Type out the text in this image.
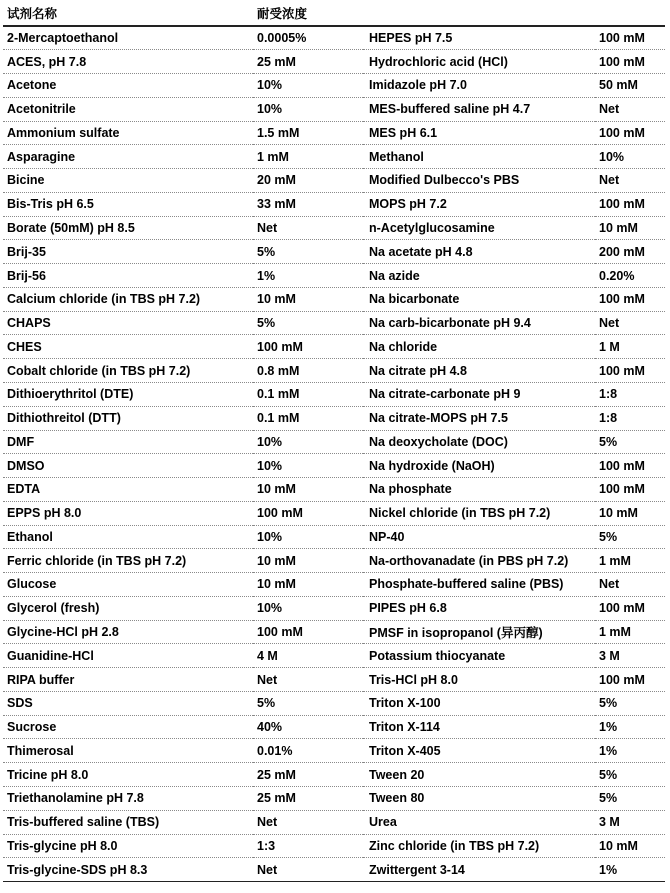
试剂名称	耐受浓度		
2-Mercaptoethanol	0.0005%	HEPES pH 7.5	100 mM
ACES, pH 7.8	25 mM	Hydrochloric acid (HCl)	100 mM
Acetone	10%	Imidazole pH 7.0	50 mM
Acetonitrile	10%	MES-buffered saline pH 4.7	Net
Ammonium sulfate	1.5 mM	MES pH 6.1	100 mM
Asparagine	1 mM	Methanol	10%
Bicine	20 mM	Modified Dulbecco's PBS	Net
Bis-Tris pH 6.5	33 mM	MOPS pH 7.2	100 mM
Borate (50mM) pH 8.5	Net	n-Acetylglucosamine	10 mM
Brij-35	5%	Na acetate pH 4.8	200 mM
Brij-56	1%	Na azide	0.20%
Calcium chloride (in TBS pH 7.2)	10 mM	Na bicarbonate	100 mM
CHAPS	5%	Na carb-bicarbonate pH 9.4	Net
CHES	100 mM	Na chloride	1 M
Cobalt chloride (in TBS pH 7.2)	0.8 mM	Na citrate pH 4.8	100 mM
Dithioerythritol (DTE)	0.1 mM	Na citrate-carbonate pH 9	1:8
Dithiothreitol (DTT)	0.1 mM	Na citrate-MOPS pH 7.5	1:8
DMF	10%	Na deoxycholate (DOC)	5%
DMSO	10%	Na hydroxide (NaOH)	100 mM
EDTA	10 mM	Na phosphate	100 mM
EPPS pH 8.0	100 mM	Nickel chloride (in TBS pH 7.2)	10 mM
Ethanol	10%	NP-40	5%
Ferric chloride (in TBS pH 7.2)	10 mM	Na-orthovanadate (in PBS pH 7.2)	1 mM
Glucose	10 mM	Phosphate-buffered saline (PBS)	Net
Glycerol (fresh)	10%	PIPES pH 6.8	100 mM
Glycine-HCl pH 2.8	100 mM	PMSF in isopropanol (异丙醇)	1 mM
Guanidine-HCl	4 M	Potassium thiocyanate	3 M
RIPA buffer	Net	Tris-HCl pH 8.0	100 mM
SDS	5%	Triton X-100	5%
Sucrose	40%	Triton X-114	1%
Thimerosal	0.01%	Triton X-405	1%
Tricine pH 8.0	25 mM	Tween 20	5%
Triethanolamine pH 7.8	25 mM	Tween 80	5%
Tris-buffered saline (TBS)	Net	Urea	3 M
Tris-glycine pH 8.0	1:3	Zinc chloride (in TBS pH 7.2)	10 mM
Tris-glycine-SDS pH 8.3	Net	Zwittergent 3-14	1%
